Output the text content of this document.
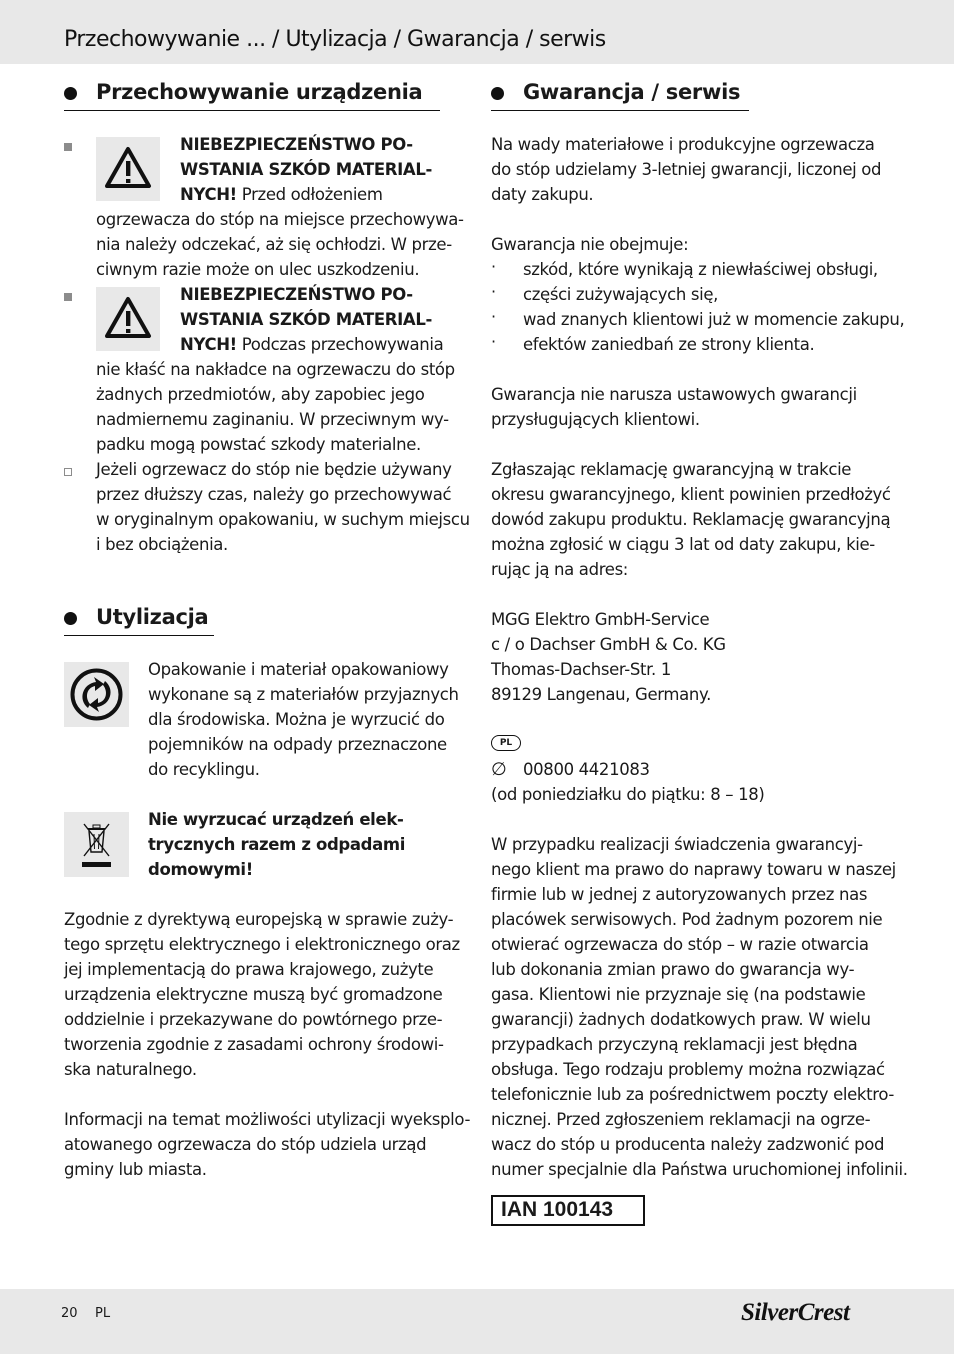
Przechowywanie ... / Utylizacja / Gwarancja / serwis
Przechowywanie urządzenia

NIEBEZPIECZEŃSTWO PO-

WSTANIA SZKÓD MATERIAL-

NYCH! Przed odłożeniem

ogrzewacza do stóp na miejsce przechowywa-

nia należy odczekać, aż się ochłodzi. W prze-

ciwnym razie może on ulec uszkodzeniu.

NIEBEZPIECZEŃSTWO PO-

WSTANIA SZKÓD MATERIAL-

NYCH! Podczas przechowywania

nie kłaść na nakładce na ogrzewaczu do stóp

żadnych przedmiotów, aby zapobiec jego

nadmiernemu zaginaniu. W przeciwnym wy-

padku mogą powstać szkody materialne.

Jeżeli ogrzewacz do stóp nie będzie używany

przez dłuższy czas, należy go przechowywać

w oryginalnym opakowaniu, w suchym miejscu

i bez obciążenia.

Utylizacja

Opakowanie i materiał opakowaniowy

wykonane są z materiałów przyjaznych

dla środowiska. Można je wyrzucić do

pojemników na odpady przeznaczone

do recyklingu.

Nie wyrzucać urządzeń elek-

trycznych razem z odpadami

domowymi!

Zgodnie z dyrektywą europejską w sprawie zuży-

tego sprzętu elektrycznego i elektronicznego oraz

jej implementacją do prawa krajowego, zużyte

urządzenia elektryczne muszą być gromadzone

oddzielnie i przekazywane do powtórnego prze-

tworzenia zgodnie z zasadami ochrony środowi-

ska naturalnego.

Informacji na temat możliwości utylizacji wyeksplo-

atowanego ogrzewacza do stóp udziela urząd

gminy lub miasta.

Gwarancja / serwis

Na wady materiałowe i produkcyjne ogrzewacza

do stóp udzielamy 3-letniej gwarancji, liczonej od

daty zakupu.

Gwarancja nie obejmuje:

· szkód, które wynikają z niewłaściwej obsługi,

· części zużywających się,

· wad znanych klientowi już w momencie zakupu,

· efektów zaniedbań ze strony klienta.

Gwarancja nie narusza ustawowych gwarancji

przysługujących klientowi.

Zgłaszając reklamację gwarancyjną w trakcie

okresu gwarancyjnego, klient powinien przedłożyć

dowód zakupu produktu. Reklamację gwarancyjną

można zgłosić w ciągu 3 lat od daty zakupu, kie-

rując ją na adres:

MGG Elektro GmbH-Service

c / o Dachser GmbH & Co. KG

Thomas-Dachser-Str. 1

89129 Langenau, Germany.

PL
∅ 00800 4421083

(od poniedziałku do piątku: 8 – 18)

W przypadku realizacji świadczenia gwarancyj-

nego klient ma prawo do naprawy towaru w naszej

firmie lub w jednej z autoryzowanych przez nas

placówek serwisowych. Pod żadnym pozorem nie

otwierać ogrzewacza do stóp – w razie otwarcia

lub dokonania zmian prawo do gwarancja wy-

gasa. Klientowi nie przyznaje się (na podstawie

gwarancji) żadnych dodatkowych praw. W wielu

przypadkach przyczyną reklamacji jest błędna

obsługa. Tego rodzaju problemy można rozwiązać

telefonicznie lub za pośrednictwem poczty elektro-

nicznej. Przed zgłoszeniem reklamacji na ogrze-

wacz do stóp u producenta należy zadzwonić pod

numer specjalnie dla Państwa uruchomionej infolinii.

IAN 100143
20 PL	SilverCrest
